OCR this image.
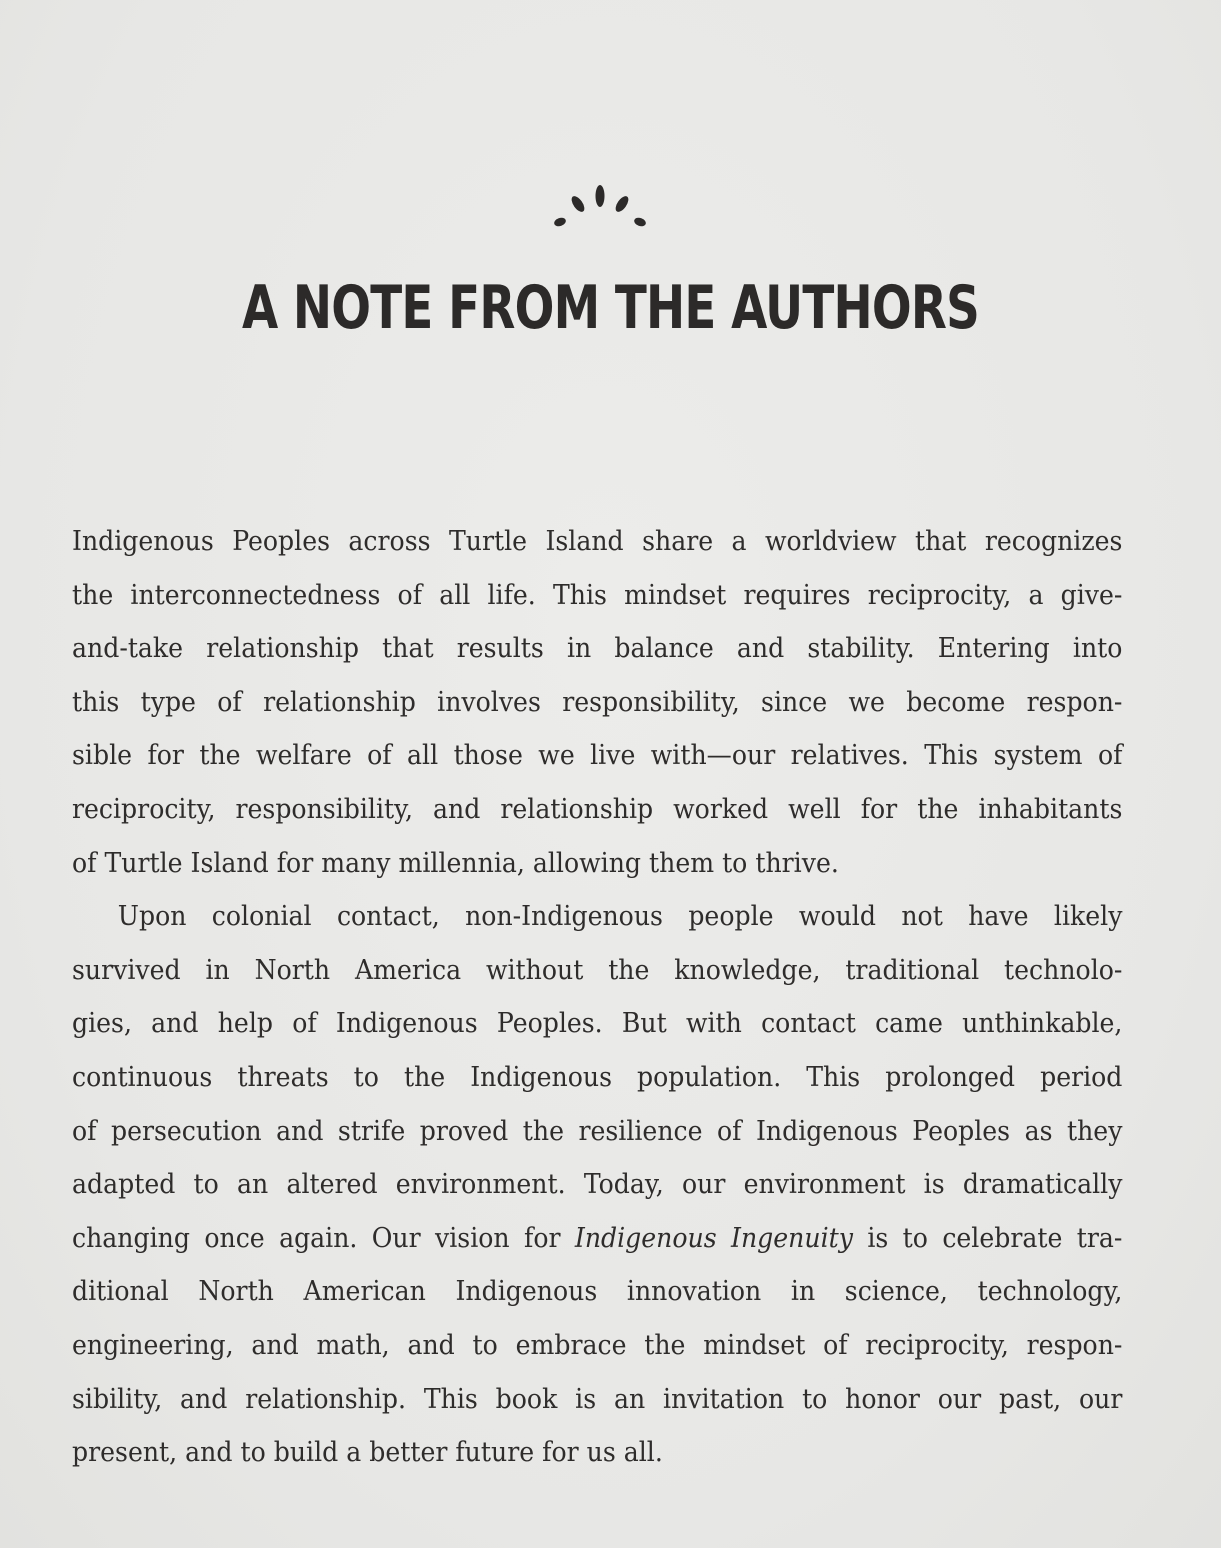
A NOTE FROM THE AUTHORS
Indigenous Peoples across Turtle Island share a worldview that recognizes
the interconnectedness of all life. This mindset requires reciprocity, a give-
and-take relationship that results in balance and stability. Entering into
this type of relationship involves responsibility, since we become respon-
sible for the welfare of all those we live with—our relatives. This system of
reciprocity, responsibility, and relationship worked well for the inhabitants
of Turtle Island for many millennia, allowing them to thrive.
Upon colonial contact, non-Indigenous people would not have likely
survived in North America without the knowledge, traditional technolo-
gies, and help of Indigenous Peoples. But with contact came unthinkable,
continuous threats to the Indigenous population. This prolonged period
of persecution and strife proved the resilience of Indigenous Peoples as they
adapted to an altered environment. Today, our environment is dramatically
changing once again. Our vision for Indigenous Ingenuity is to celebrate tra-
ditional North American Indigenous innovation in science, technology,
engineering, and math, and to embrace the mindset of reciprocity, respon-
sibility, and relationship. This book is an invitation to honor our past, our
present, and to build a better future for us all.
